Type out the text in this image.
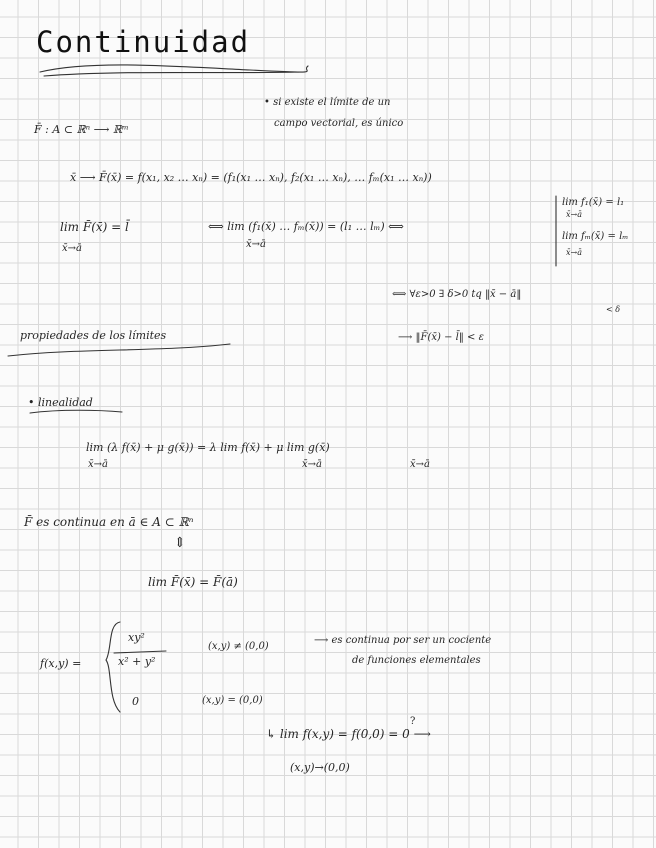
Continuidad
• si existe el límite de un
campo vectorial, es único
F̄ : A ⊂ ℝⁿ ⟶ ℝᵐ
x̄ ⟶ F̄(x̄) = f(x₁, x₂ … xₙ) = (f₁(x₁ … xₙ), f₂(x₁ … xₙ), … fₘ(x₁ … xₙ))
lim F̄(x̄) = l̄
x̄→ā
⟺ lim (f₁(x̄) … fₘ(x̄)) = (l₁ … lₘ) ⟺
x̄→ā
lim f₁(x̄) = l₁
x̄→ā
lim fₘ(x̄) = lₘ
x̄→ā
⟺ ∀ε>0 ∃ δ>0 tq ‖x̄ − ā‖
< δ
⟶ ‖F̄(x̄) − l̄‖ < ε
propiedades de los límites
• linealidad
lim (λ f(x̄) + μ g(x̄)) = λ lim f(x̄) + μ lim g(x̄)
x̄→ā	x̄→ā	x̄→ā
F̄ es continua en ā ∈ A ⊂ ℝⁿ
⇕
lim F̄(x̄) = F̄(ā)
f(x,y) =
xy²
x² + y²
(x,y) ≠ (0,0)
⟶ es continua por ser un cociente
de funciones elementales
0	(x,y) = (0,0)
?
↳ lim f(x,y) = f(0,0) = 0 ⟶
(x,y)→(0,0)
